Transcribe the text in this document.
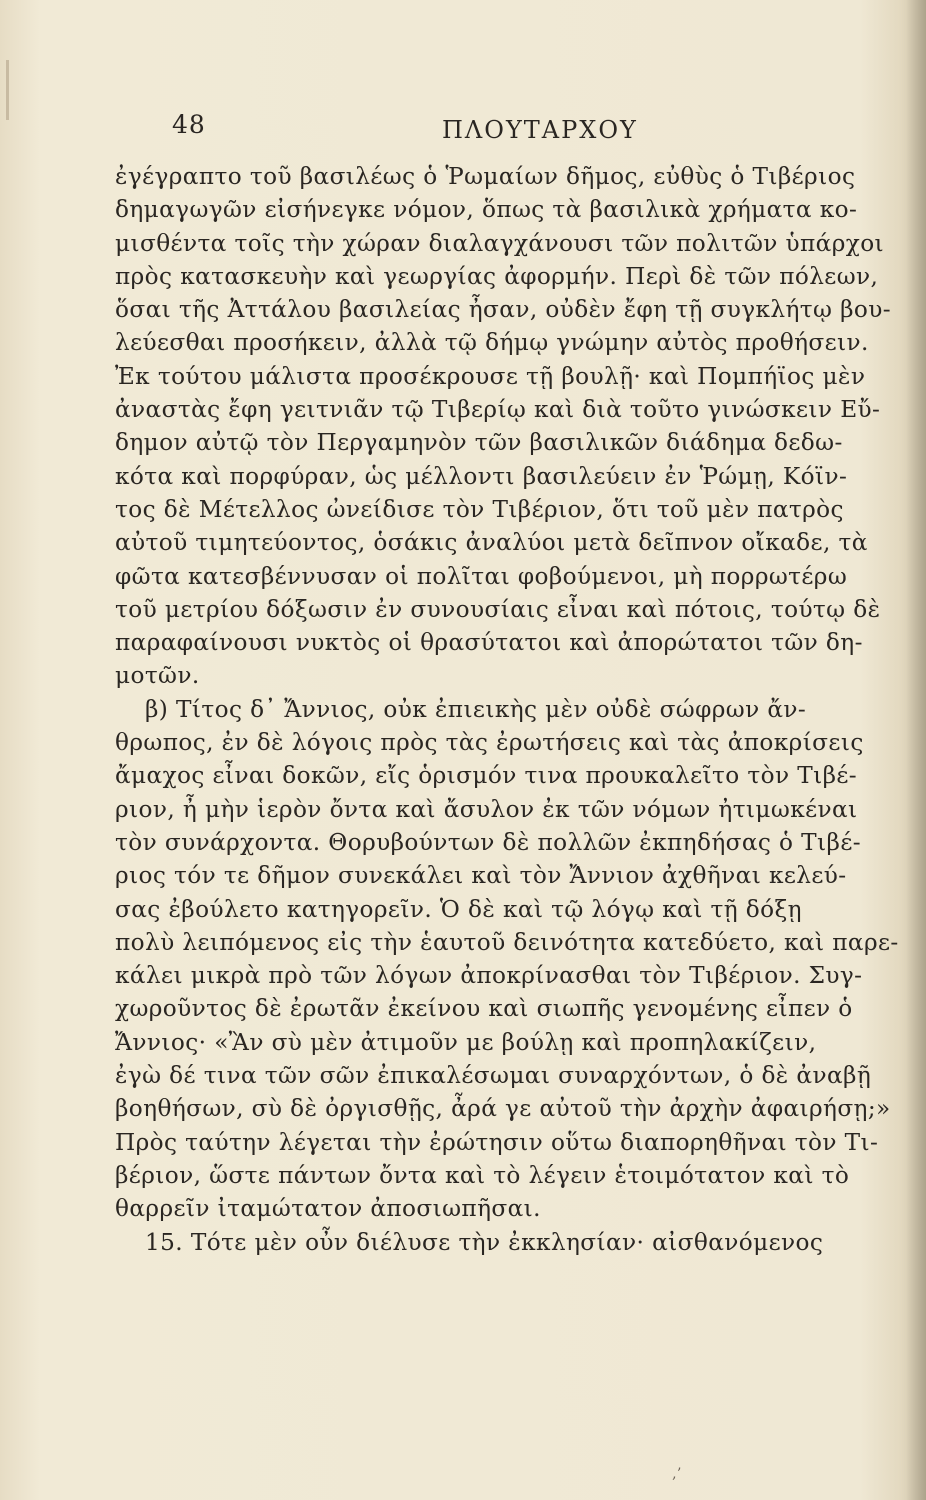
48	ΠΛΟΥΤΑΡΧΟΥ
ἐγέγραπτο τοῦ βασιλέως ὁ Ῥωμαίων δῆμος, εὐθὺς ὁ Τιβέριος
δημαγωγῶν εἰσήνεγκε νόμον, ὅπως τὰ βασιλικὰ χρήματα κο-
μισθέντα τοῖς τὴν χώραν διαλαγχάνουσι τῶν πολιτῶν ὑπάρχοι
πρὸς κατασκευὴν καὶ γεωργίας ἀφορμήν. Περὶ δὲ τῶν πόλεων,
ὅσαι τῆς Ἀττάλου βασιλείας ἦσαν, οὐδὲν ἔφη τῇ συγκλήτῳ βου-
λεύεσθαι προσήκειν, ἀλλὰ τῷ δήμῳ γνώμην αὐτὸς προθήσειν.
Ἐκ τούτου μάλιστα προσέκρουσε τῇ βουλῇ· καὶ Πομπήϊος μὲν
ἀναστὰς ἔφη γειτνιᾶν τῷ Τιβερίῳ καὶ διὰ τοῦτο γινώσκειν Εὔ-
δημον αὐτῷ τὸν Περγαμηνὸν τῶν βασιλικῶν διάδημα δεδω-
κότα καὶ πορφύραν, ὡς μέλλοντι βασιλεύειν ἐν Ῥώμῃ, Κόϊν-
τος δὲ Μέτελλος ὠνείδισε τὸν Τιβέριον, ὅτι τοῦ μὲν πατρὸς
αὐτοῦ τιμητεύοντος, ὁσάκις ἀναλύοι μετὰ δεῖπνον οἴκαδε, τὰ
φῶτα κατεσβέννυσαν οἱ πολῖται φοβούμενοι, μὴ πορρωτέρω
τοῦ μετρίου δόξωσιν ἐν συνουσίαις εἶναι καὶ πότοις, τούτῳ δὲ
παραφαίνουσι νυκτὸς οἱ θρασύτατοι καὶ ἀπορώτατοι τῶν δη-
μοτῶν.
β) Τίτος δ᾽ Ἄννιος, οὐκ ἐπιεικὴς μὲν οὐδὲ σώφρων ἄν-
θρωπος, ἐν δὲ λόγοις πρὸς τὰς ἐρωτήσεις καὶ τὰς ἀποκρίσεις
ἄμαχος εἶναι δοκῶν, εἴς ὁρισμόν τινα προυκαλεῖτο τὸν Τιβέ-
ριον, ἦ μὴν ἱερὸν ὄντα καὶ ἄσυλον ἐκ τῶν νόμων ἠτιμωκέναι
τὸν συνάρχοντα. Θορυβούντων δὲ πολλῶν ἐκπηδήσας ὁ Τιβέ-
ριος τόν τε δῆμον συνεκάλει καὶ τὸν Ἄννιον ἀχθῆναι κελεύ-
σας ἐβούλετο κατηγορεῖν. Ὁ δὲ καὶ τῷ λόγῳ καὶ τῇ δόξῃ
πολὺ λειπόμενος εἰς τὴν ἑαυτοῦ δεινότητα κατεδύετο, καὶ παρε-
κάλει μικρὰ πρὸ τῶν λόγων ἀποκρίνασθαι τὸν Τιβέριον. Συγ-
χωροῦντος δὲ ἐρωτᾶν ἐκείνου καὶ σιωπῆς γενομένης εἶπεν ὁ
Ἄννιος· «Ἂν σὺ μὲν ἀτιμοῦν με βούλῃ καὶ προπηλακίζειν,
ἐγὼ δέ τινα τῶν σῶν ἐπικαλέσωμαι συναρχόντων, ὁ δὲ ἀναβῇ
βοηθήσων, σὺ δὲ ὀργισθῇς, ἆρά γε αὐτοῦ τὴν ἀρχὴν ἀφαιρήσῃ;»
Πρὸς ταύτην λέγεται τὴν ἐρώτησιν οὕτω διαπορηθῆναι τὸν Τι-
βέριον, ὥστε πάντων ὄντα καὶ τὸ λέγειν ἑτοιμότατον καὶ τὸ
θαρρεῖν ἰταμώτατον ἀποσιωπῆσαι.
15. Τότε μὲν οὖν διέλυσε τὴν ἐκκλησίαν· αἰσθανόμενος
‚ʼ
